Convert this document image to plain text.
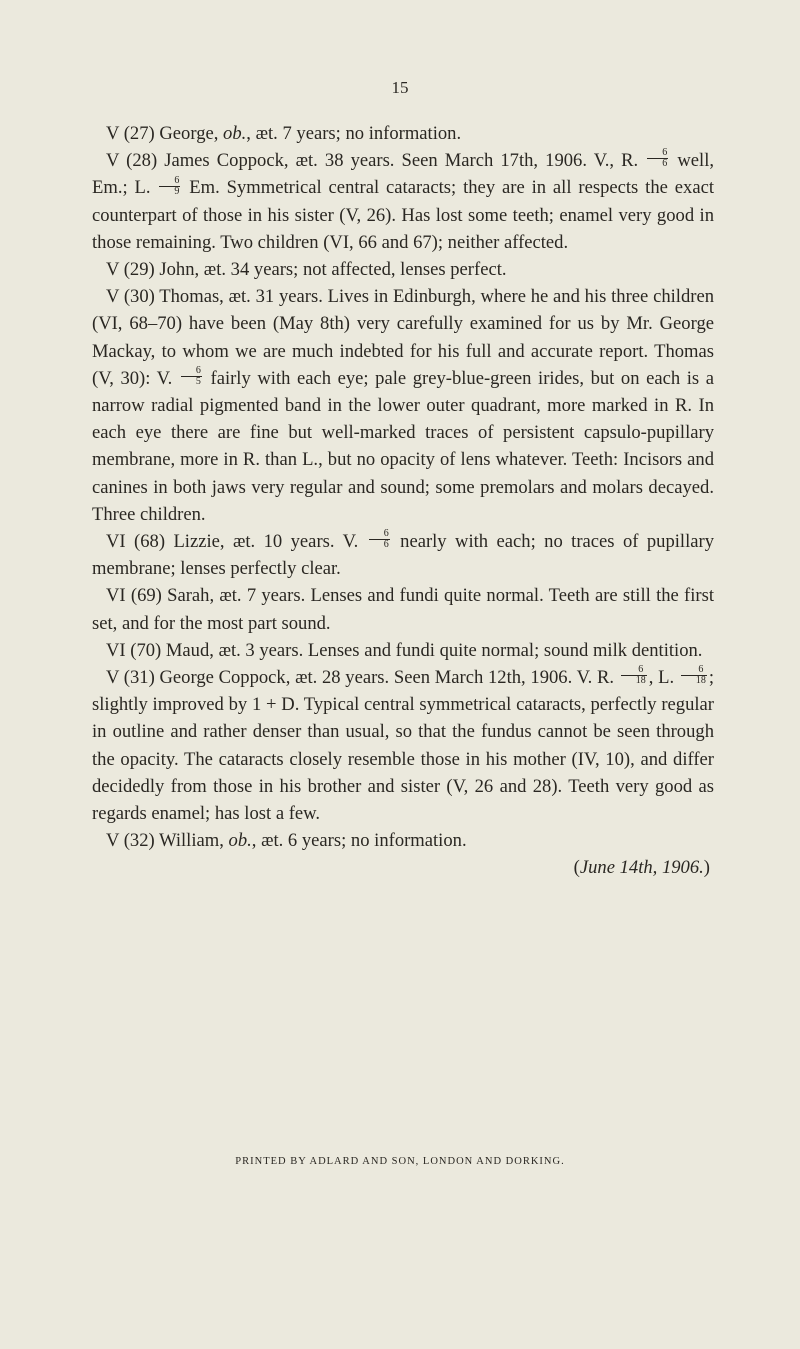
15

V (27) George, ob., æt. 7 years; no information.

V (28) James Coppock, æt. 38 years. Seen March 17th, 1906. V., R. $\frac{6}{6}$ well, Em.; L. $\frac{6}{9} Em$. Symmetrical central cataracts; they are in all respects the exact counterpart of those in his sister (V, 26). Has lost some teeth; enamel very good in those remaining. Two children (VI, 66 and 67); neither affected.

V (29) John, æt. 34 years; not affected, lenses perfect.

V (30) Thomas, æt. 31 years. Lives in Edinburgh, where he and his three children (VI, 68–70) have been (May 8th) very carefully examined for us by Mr. George Mackay, to whom we are much indebted for his full and accurate report. Thomas (V, 30): V. $\frac{6}{5}$ fairly with each eye; pale grey-blue-green irides, but on each is a narrow radial pigmented band in the lower outer quadrant, more marked in R. In each eye there are fine but well-marked traces of persistent capsulo-pupillary membrane, more in R. than L., but no opacity of lens whatever. Teeth: Incisors and canines in both jaws very regular and sound; some premolars and molars decayed. Three children.

VI (68) Lizzie, æt. 10 years. V. $\frac{6}{6}$ nearly with each; no traces of pupillary membrane; lenses perfectly clear.

VI (69) Sarah, æt. 7 years. Lenses and fundi quite normal. Teeth are still the first set, and for the most part sound.

VI (70) Maud, æt. 3 years. Lenses and fundi quite normal; sound milk dentition.

V (31) George Coppock, æt. 28 years. Seen March 12th, 1906. V. R. $\frac{6}{18}$ , L. $\frac{6}{18}$ ; slightly improved by 1 + D. Typical central symmetrical cataracts, perfectly regular in outline and rather denser than usual, so that the fundus cannot be seen through the opacity. The cataracts closely resemble those in his mother (IV, 10), and differ decidedly from those in his brother and sister (V, 26 and 28). Teeth very good as regards enamel; has lost a few.

V (32) William, ob., æt. 6 years; no information.

(June 14th, 1906.)

PRINTED BY ADLARD AND SON, LONDON AND DORKING.
